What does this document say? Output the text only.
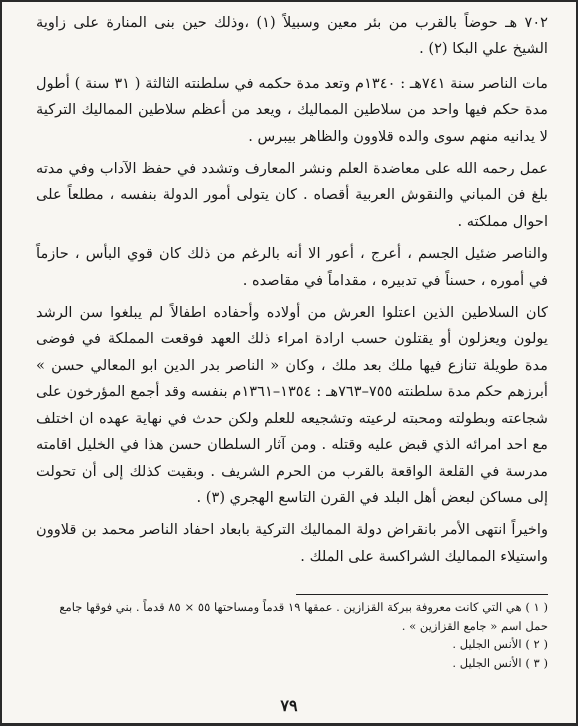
٧٠٢ هـ حوضاً بالقرب من بئر معين وسبيلاً (١) ،وذلك حين بنى المنارة على زاوية الشيخ علي البكا (٢) .

مات الناصر سنة ٧٤١هـ : ١٣٤٠م وتعد مدة حكمه في سلطنته الثالثة ( ٣١ سنة ) أطول مدة حكم فيها واحد من سلاطين المماليك ، ويعد من أعظم سلاطين المماليك التركية لا يدانيه منهم سوى والده قلاوون والظاهر بيبرس .

عمل رحمه الله على معاضدة العلم ونشر المعارف وتشدد في حفظ الآداب وفي مدته بلغ فن المباني والنقوش العربية أقصاه . كان يتولى أمور الدولة بنفسه ، مطلعاً على احوال مملكته .

والناصر ضئيل الجسم ، أعرج ، أعور الا أنه بالرغم من ذلك كان قوي البأس ، حازماً في أموره ، حسناً في تدبيره ، مقداماً في مقاصده .

كان السلاطين الذين اعتلوا العرش من أولاده وأحفاده اطفالاً لم يبلغوا سن الرشد يولون ويعزلون أو يقتلون حسب ارادة امراء ذلك العهد فوقعت المملكة في فوضى مدة طويلة تنازع فيها ملك بعد ملك ، وكان « الناصر بدر الدين ابو المعالي حسن » أبرزهم حكم مدة سلطنته ٧٥٥–٧٦٣هـ : ١٣٥٤–١٣٦١م بنفسه وقد أجمع المؤرخون على شجاعته وبطولته ومحبته لرعيته وتشجيعه للعلم ولكن حدث في نهاية عهده ان اختلف مع احد امرائه الذي قبض عليه وقتله . ومن آثار السلطان حسن هذا في الخليل اقامته مدرسة في القلعة الواقعة بالقرب من الحرم الشريف . وبقيت كذلك إلى أن تحولت إلى مساكن لبعض أهل البلد في القرن التاسع الهجري (٣) .

واخيراً انتهى الأمر بانقراض دولة المماليك التركية بابعاد احفاد الناصر محمد بن قلاوون واستيلاء المماليك الشراكسة على الملك .

( ١ ) هي التي كانت معروفة ببركة القزازين . عمقها ١٩ قدماً ومساحتها ٥٥ × ٨٥ قدماً . بني فوقها جامع حمل اسم « جامع القزازين » .

( ٢ ) الأنس الجليل .

( ٣ ) الأنس الجليل .

٧٩
